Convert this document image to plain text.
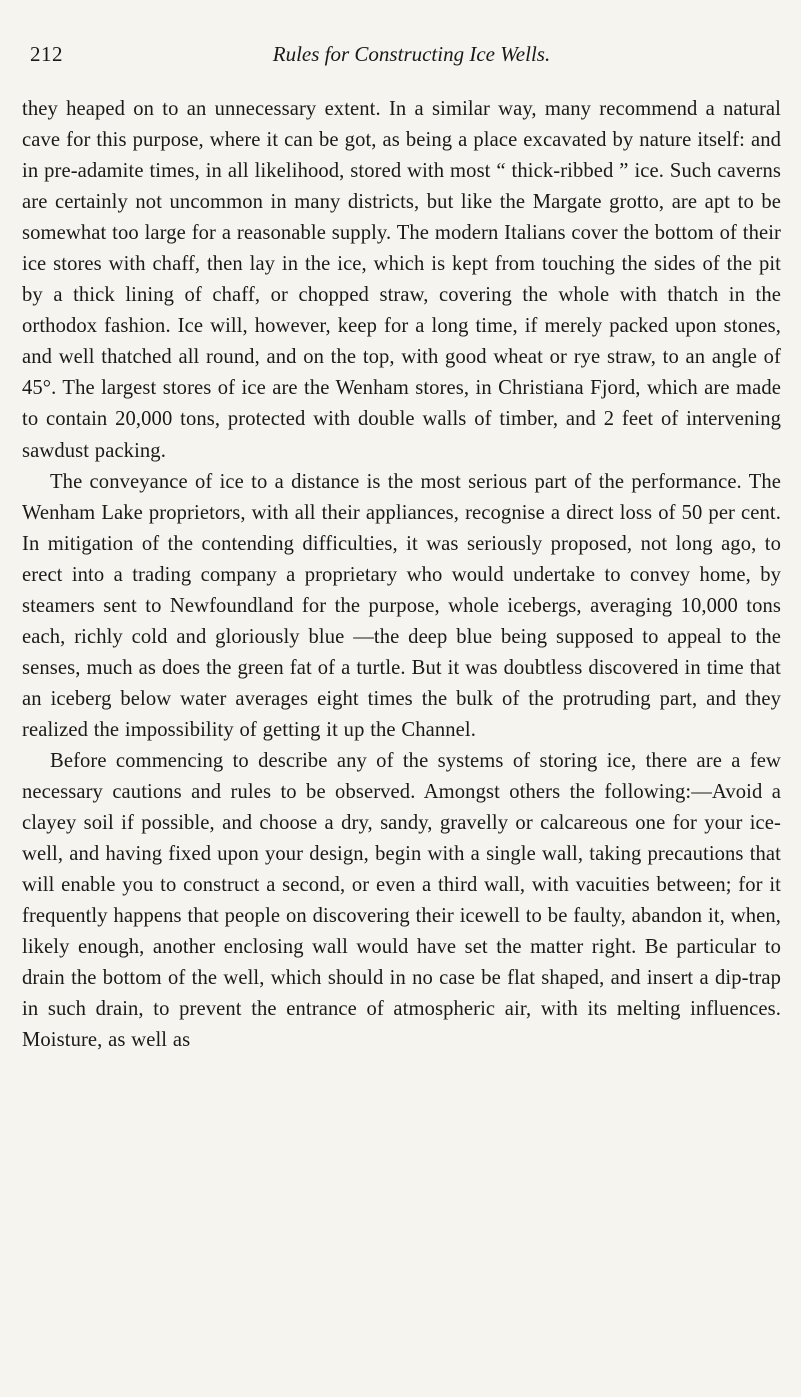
212	Rules for Constructing Ice Wells.

they heaped on to an unnecessary extent. In a similar way, many recommend a natural cave for this purpose, where it can be got, as being a place excavated by nature itself: and in pre-adamite times, in all likelihood, stored with most “ thick-ribbed ” ice. Such caverns are certainly not uncommon in many districts, but like the Margate grotto, are apt to be somewhat too large for a reasonable supply. The modern Italians cover the bottom of their ice stores with chaff, then lay in the ice, which is kept from touching the sides of the pit by a thick lining of chaff, or chopped straw, covering the whole with thatch in the orthodox fashion. Ice will, however, keep for a long time, if merely packed upon stones, and well thatched all round, and on the top, with good wheat or rye straw, to an angle of 45°. The largest stores of ice are the Wenham stores, in Christiana Fjord, which are made to contain 20,000 tons, protected with double walls of timber, and 2 feet of intervening sawdust packing.

The conveyance of ice to a distance is the most serious part of the performance. The Wenham Lake proprietors, with all their appliances, recognise a direct loss of 50 per cent. In mitigation of the contending difficulties, it was seriously proposed, not long ago, to erect into a trading company a proprietary who would undertake to convey home, by steamers sent to Newfoundland for the purpose, whole icebergs, averaging 10,000 tons each, richly cold and gloriously blue —the deep blue being supposed to appeal to the senses, much as does the green fat of a turtle. But it was doubtless discovered in time that an iceberg below water averages eight times the bulk of the protruding part, and they realized the impossibility of getting it up the Channel.

Before commencing to describe any of the systems of storing ice, there are a few necessary cautions and rules to be observed. Amongst others the following:—Avoid a clayey soil if possible, and choose a dry, sandy, gravelly or calcareous one for your ice-well, and having fixed upon your design, begin with a single wall, taking precautions that will enable you to construct a second, or even a third wall, with vacuities between; for it frequently happens that people on discovering their icewell to be faulty, abandon it, when, likely enough, another enclosing wall would have set the matter right. Be particular to drain the bottom of the well, which should in no case be flat shaped, and insert a dip-trap in such drain, to prevent the entrance of atmospheric air, with its melting influences. Moisture, as well as
